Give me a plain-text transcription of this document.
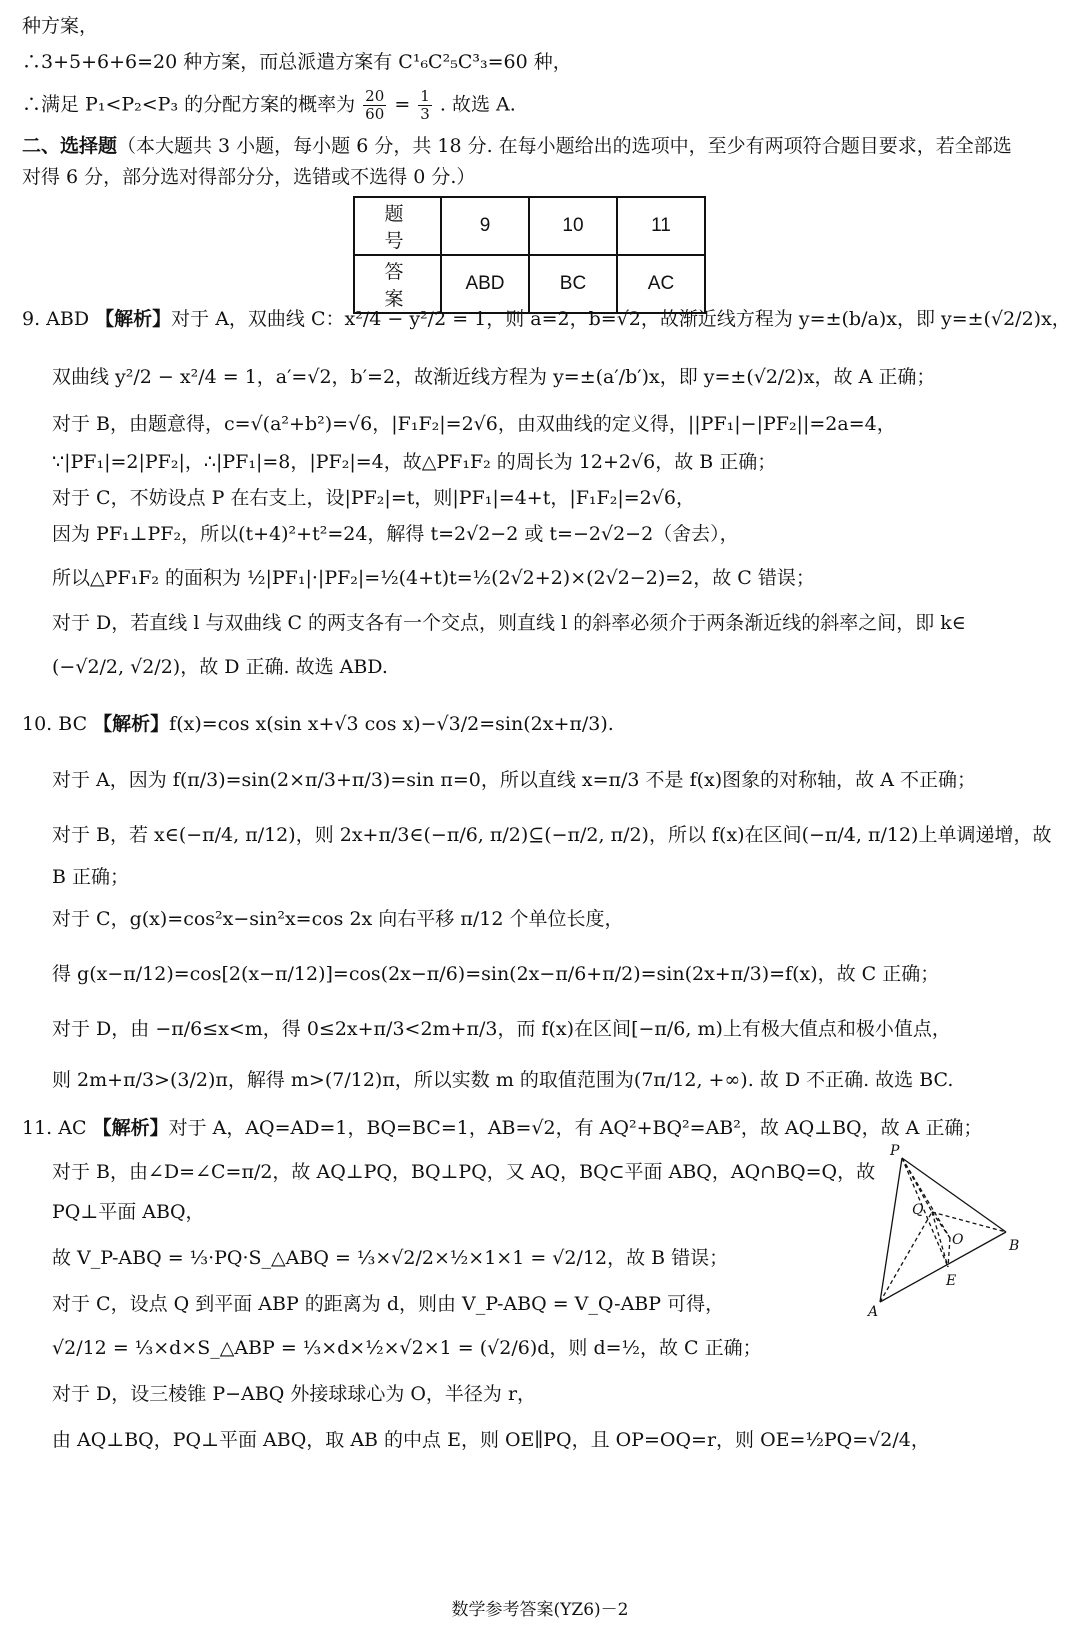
种方案，
∴3+5+6+6=20 种方案，而总派遣方案有 C¹₆C²₅C³₃=60 种，
∴满足 P₁<P₂<P₃ 的分配方案的概率为 $\frac{20}{60} = \frac{1}{3}$ . 故选 A.
二、选择题（本大题共 3 小题，每小题 6 分，共 18 分. 在每小题给出的选项中，至少有两项符合题目要求，若全部选
对得 6 分，部分选对得部分分，选错或不选得 0 分.）
题 号	9	10	11
答 案	ABD	BC	AC
9. ABD 【解析】对于 A，双曲线 C：x²/4 − y²/2 = 1，则 a=2，b=√2，故渐近线方程为 y=±(b/a)x，即 y=±(√2/2)x，
双曲线 y²/2 − x²/4 = 1，a′=√2，b′=2，故渐近线方程为 y=±(a′/b′)x，即 y=±(√2/2)x，故 A 正确；
对于 B，由题意得，c=√(a²+b²)=√6，|F₁F₂|=2√6，由双曲线的定义得，||PF₁|−|PF₂||=2a=4，
∵|PF₁|=2|PF₂|，∴|PF₁|=8，|PF₂|=4，故△PF₁F₂ 的周长为 12+2√6，故 B 正确；
对于 C，不妨设点 P 在右支上，设|PF₂|=t，则|PF₁|=4+t，|F₁F₂|=2√6，
因为 PF₁⊥PF₂，所以(t+4)²+t²=24，解得 t=2√2−2 或 t=−2√2−2（舍去），
所以△PF₁F₂ 的面积为 ½|PF₁|·|PF₂|=½(4+t)t=½(2√2+2)×(2√2−2)=2，故 C 错误；
对于 D，若直线 l 与双曲线 C 的两支各有一个交点，则直线 l 的斜率必须介于两条渐近线的斜率之间，即 k∈
(−√2/2, √2/2)，故 D 正确. 故选 ABD.
10. BC 【解析】f(x)=cos x(sin x+√3 cos x)−√3/2=sin(2x+π/3).
对于 A，因为 f(π/3)=sin(2×π/3+π/3)=sin π=0，所以直线 x=π/3 不是 f(x)图象的对称轴，故 A 不正确；
对于 B，若 x∈(−π/4, π/12)，则 2x+π/3∈(−π/6, π/2)⊆(−π/2, π/2)，所以 f(x)在区间(−π/4, π/12)上单调递增，故
B 正确；
对于 C，g(x)=cos²x−sin²x=cos 2x 向右平移 π/12 个单位长度，
得 g(x−π/12)=cos[2(x−π/12)]=cos(2x−π/6)=sin(2x−π/6+π/2)=sin(2x+π/3)=f(x)，故 C 正确；
对于 D，由 −π/6≤x<m，得 0≤2x+π/3<2m+π/3，而 f(x)在区间[−π/6, m)上有极大值点和极小值点，
则 2m+π/3>(3/2)π，解得 m>(7/12)π，所以实数 m 的取值范围为(7π/12, +∞). 故 D 不正确. 故选 BC.
11. AC 【解析】对于 A，AQ=AD=1，BQ=BC=1，AB=√2，有 AQ²+BQ²=AB²，故 AQ⊥BQ，故 A 正确；
对于 B，由∠D=∠C=π/2，故 AQ⊥PQ，BQ⊥PQ，又 AQ，BQ⊂平面 ABQ，AQ∩BQ=Q，故
PQ⊥平面 ABQ，
故 V_P-ABQ = ⅓·PQ·S_△ABQ = ⅓×√2/2×½×1×1 = √2/12，故 B 错误；
对于 C，设点 Q 到平面 ABP 的距离为 d，则由 V_P-ABQ = V_Q-ABP 可得，
√2/12 = ⅓×d×S_△ABP = ⅓×d×½×√2×1 = (√2/6)d，则 d=½，故 C 正确；
对于 D，设三棱锥 P−ABQ 外接球球心为 O，半径为 r，
由 AQ⊥BQ，PQ⊥平面 ABQ，取 AB 的中点 E，则 OE∥PQ，且 OP=OQ=r，则 OE=½PQ=√2/4，
P
Q
O	B
E
A
数学参考答案(YZ6)－2
